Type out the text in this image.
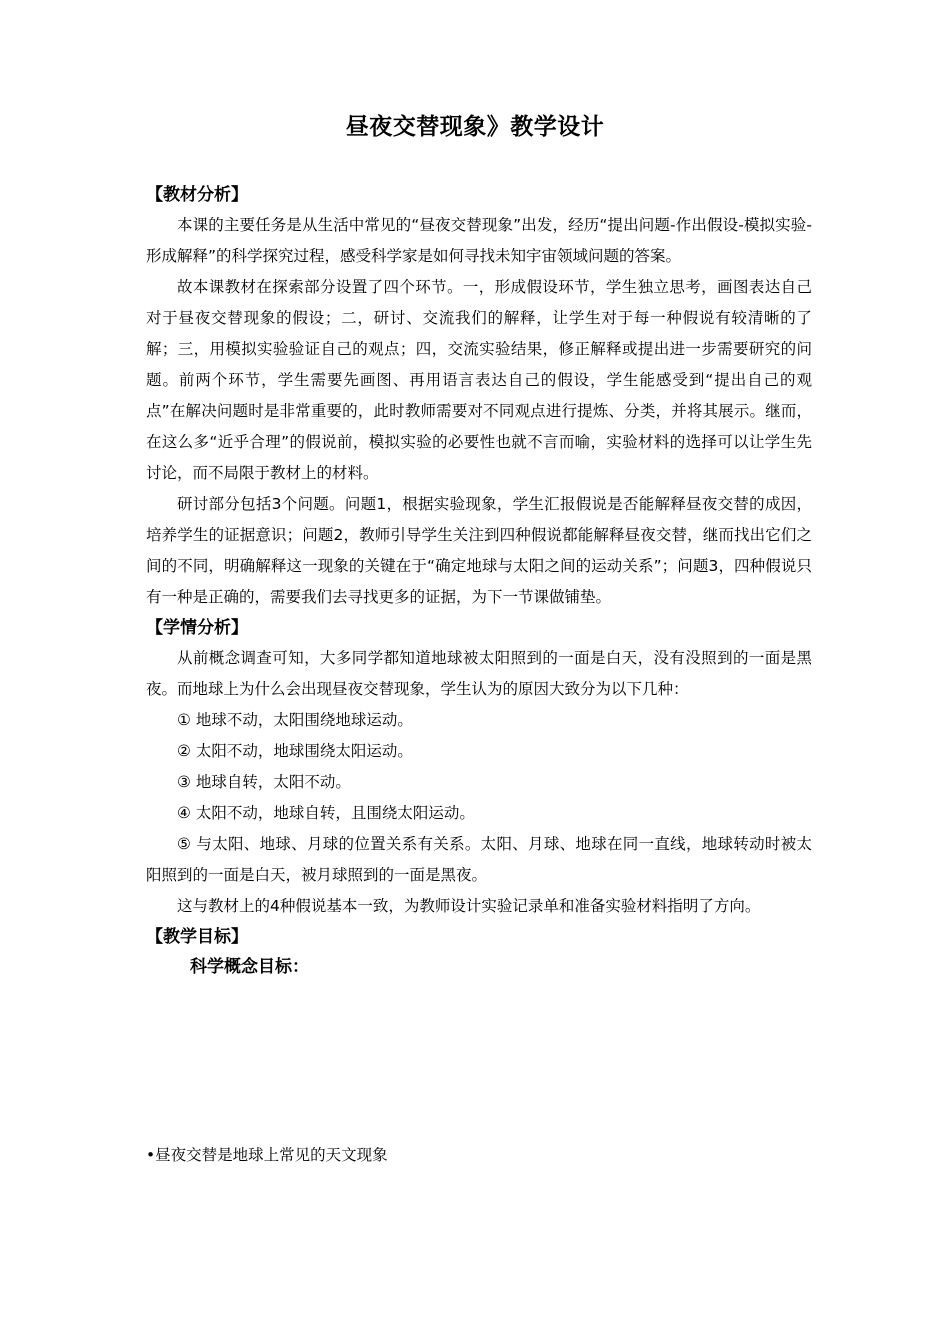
昼夜交替现象》教学设计
【教材分析】

本课的主要任务是从生活中常见的“昼夜交替现象”出发，经历“提出问题-作出假设-模拟实验-形成解释”的科学探究过程，感受科学家是如何寻找未知宇宙领域问题的答案。

故本课教材在探索部分设置了四个环节。一，形成假设环节，学生独立思考，画图表达自己对于昼夜交替现象的假设；二，研讨、交流我们的解释，让学生对于每一种假说有较清晰的了解；三，用模拟实验验证自己的观点；四，交流实验结果，修正解释或提出进一步需要研究的问题。前两个环节，学生需要先画图、再用语言表达自己的假设，学生能感受到“提出自己的观点”在解决问题时是非常重要的，此时教师需要对不同观点进行提炼、分类，并将其展示。继而，在这么多“近乎合理”的假说前，模拟实验的必要性也就不言而喻，实验材料的选择可以让学生先讨论，而不局限于教材上的材料。

研讨部分包括3个问题。问题1，根据实验现象，学生汇报假说是否能解释昼夜交替的成因，培养学生的证据意识；问题2，教师引导学生关注到四种假说都能解释昼夜交替，继而找出它们之间的不同，明确解释这一现象的关键在于“确定地球与太阳之间的运动关系”；问题3，四种假说只有一种是正确的，需要我们去寻找更多的证据，为下一节课做铺垫。

【学情分析】

从前概念调查可知，大多同学都知道地球被太阳照到的一面是白天，没有没照到的一面是黑夜。而地球上为什么会出现昼夜交替现象，学生认为的原因大致分为以下几种：

① 地球不动，太阳围绕地球运动。

② 太阳不动，地球围绕太阳运动。

③ 地球自转，太阳不动。

④ 太阳不动，地球自转，且围绕太阳运动。

⑤ 与太阳、地球、月球的位置关系有关系。太阳、月球、地球在同一直线，地球转动时被太阳照到的一面是白天，被月球照到的一面是黑夜。

这与教材上的4种假说基本一致，为教师设计实验记录单和准备实验材料指明了方向。

【教学目标】
科学概念目标：
•昼夜交替是地球上常见的天文现象
